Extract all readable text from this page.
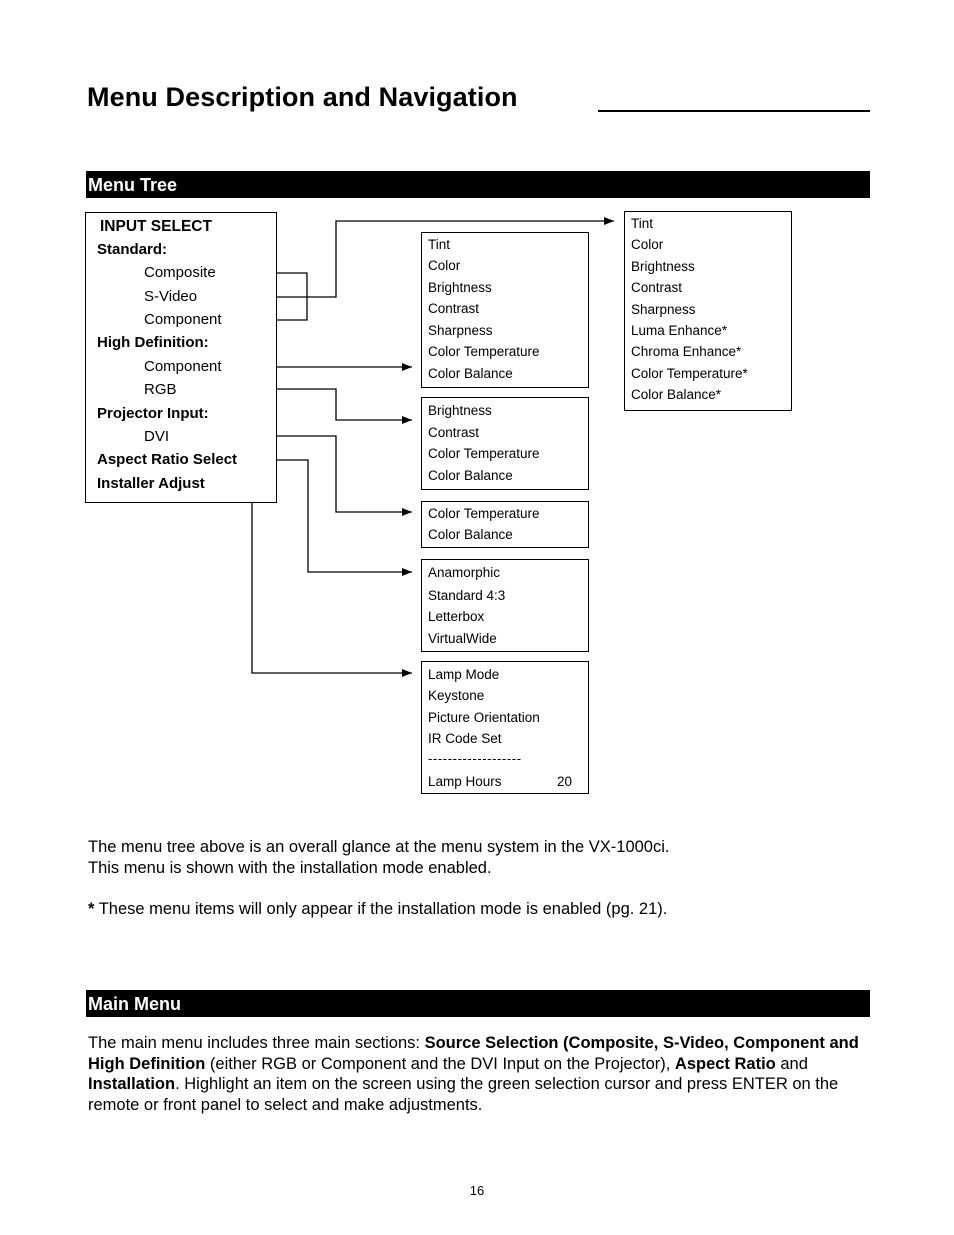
Menu Description and Navigation
Menu Tree
INPUT SELECT
Standard:
Composite
S-Video
Component
High Definition:
Component
RGB
Projector Input:
DVI
Aspect Ratio Select
Installer Adjust
Tint
Color
Brightness
Contrast
Sharpness
Luma Enhance*
Chroma Enhance*
Color Temperature*
Color Balance*
Tint
Color
Brightness
Contrast
Sharpness
Color Temperature
Color Balance
Brightness
Contrast
Color Temperature
Color Balance
Color Temperature
Color Balance
Anamorphic
Standard 4:3
Letterbox
VirtualWide
Lamp Mode
Keystone
Picture Orientation
IR Code Set
-------------------
Lamp Hours	20
The menu tree above is an overall glance at the menu system in the VX-1000ci.
This menu is shown with the installation mode enabled.
* These menu items will only appear if the installation mode is enabled (pg. 21).
Main Menu
The main menu includes three main sections: Source Selection (Composite, S-Video, Component and High Definition (either RGB or Component and the DVI Input on the Projector), Aspect Ratio and Installation. Highlight an item on the screen using the green selection cursor and press ENTER on the remote or front panel to select and make adjustments.
16
